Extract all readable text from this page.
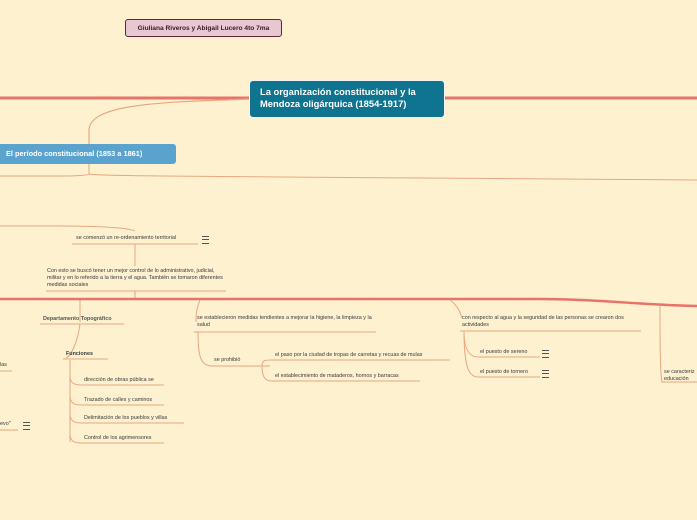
Giuliana Riveros y Abigail Lucero 4to 7ma
La organización constitucional y la Mendoza oligárquica (1854-1917)
El período constitucional (1853 a 1861)
se comenzó un re-ordenamiento territorial
Con esto se buscó tener un mejor control de lo administrativo, judicial, militar y en lo referido a la tierra y el agua. También se tomaron diferentes medidas sociales
Departamento Topográfico
Funciones
dirección de obras pública se
Trazado de calles y caminos
Delimitación de los pueblos y villas
Control de los agrimensores
se establecieron medidas tendientes a mejorar la higiene, la limpieza y la salud
se prohibió
el paso por la ciudad de tropas de carretas y recuas de mulas
el establecimiento de mataderos, hornos y barracas
con respecto al agua y la seguridad de las personas se crearon dos actividades
el puesto de sereno
el puesto de tornero	se caracteriz educación
las
evo"
